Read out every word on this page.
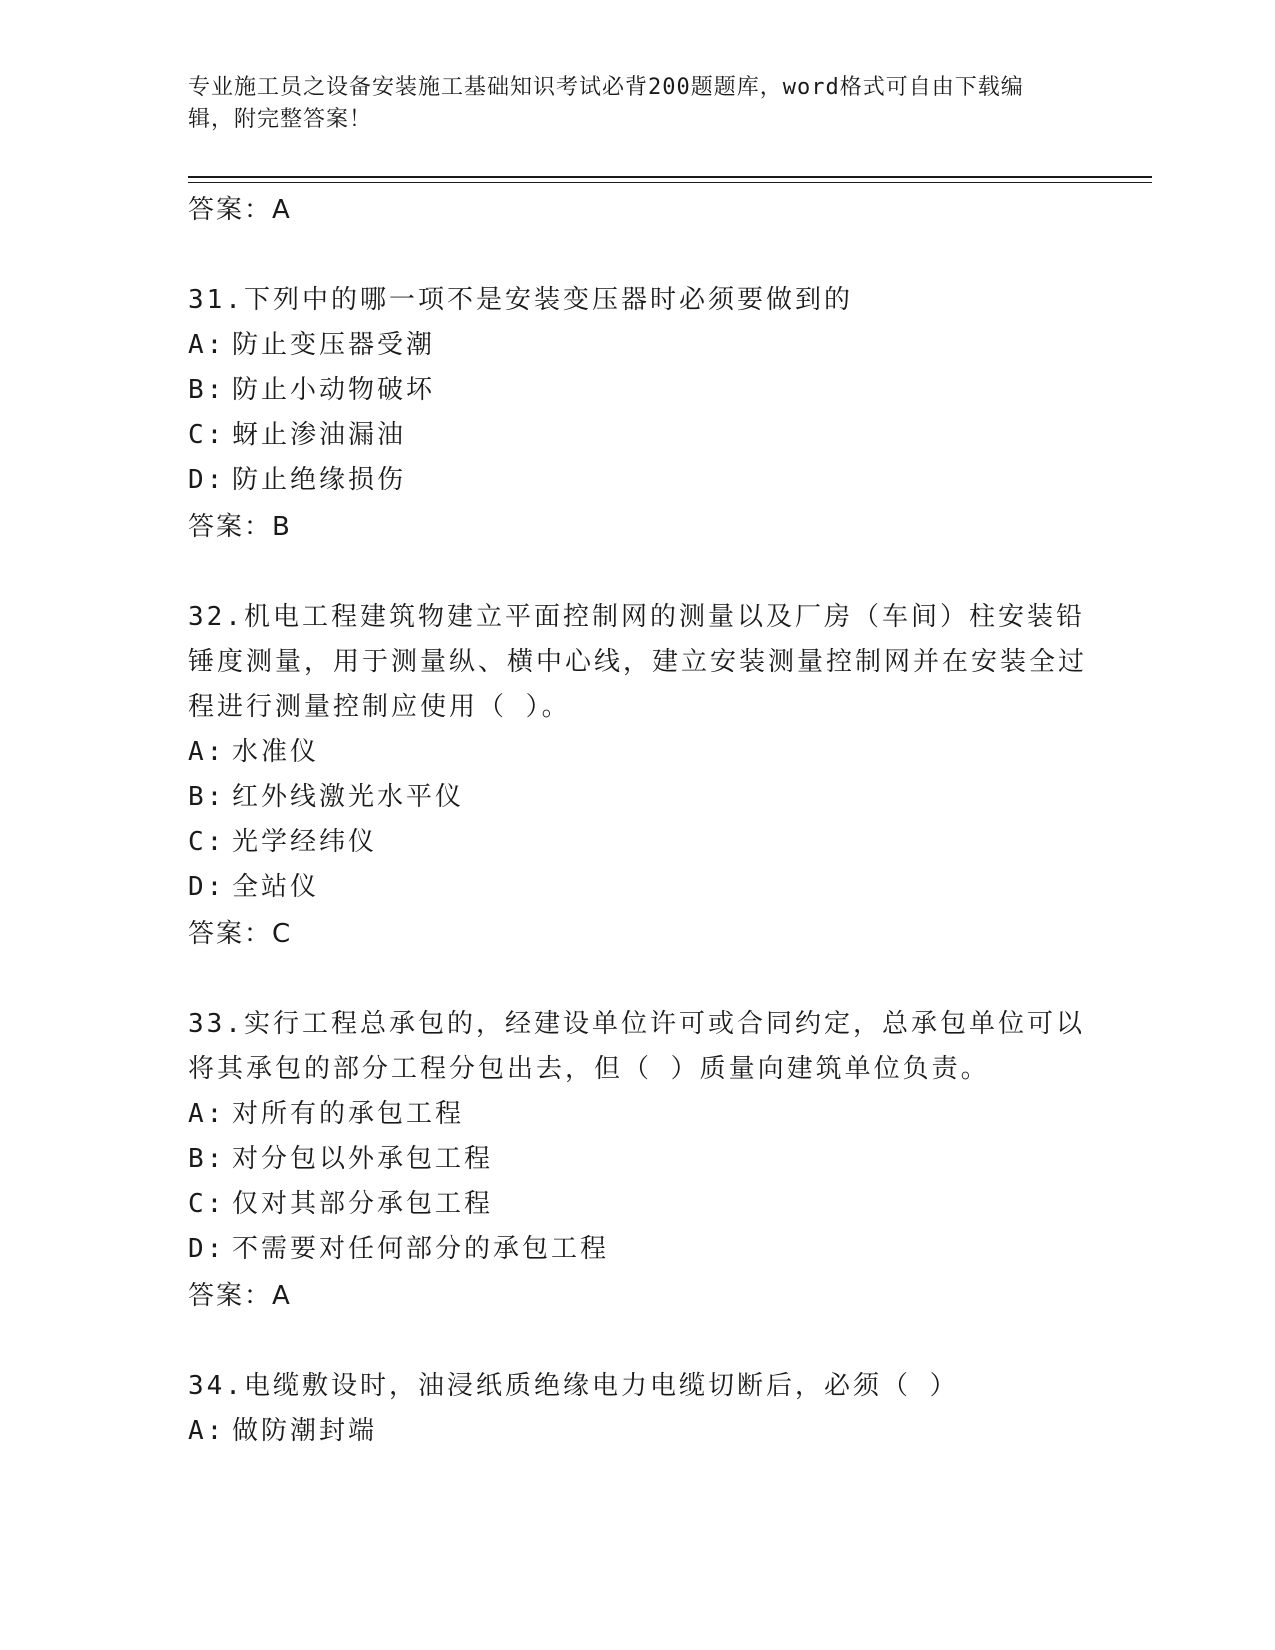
专业施工员之设备安装施工基础知识考试必背200题题库，word格式可自由下载编辑，附完整答案！
答案：A
31.下列中的哪一项不是安装变压器时必须要做到的
A: 防止变压器受潮
B: 防止小动物破坏
C: 蚜止渗油漏油
D: 防止绝缘损伤
答案：B
32.机电工程建筑物建立平面控制网的测量以及厂房（车间）柱安装铅锤度测量，用于测量纵、横中心线，建立安装测量控制网并在安装全过程进行测量控制应使用（ ）。
A: 水准仪
B: 红外线激光水平仪
C: 光学经纬仪
D: 全站仪
答案：C
33.实行工程总承包的，经建设单位许可或合同约定，总承包单位可以将其承包的部分工程分包出去，但（ ）质量向建筑单位负责。
A: 对所有的承包工程
B: 对分包以外承包工程
C: 仅对其部分承包工程
D: 不需要对任何部分的承包工程
答案：A
34.电缆敷设时，油浸纸质绝缘电力电缆切断后，必须（ ）
A: 做防潮封端
